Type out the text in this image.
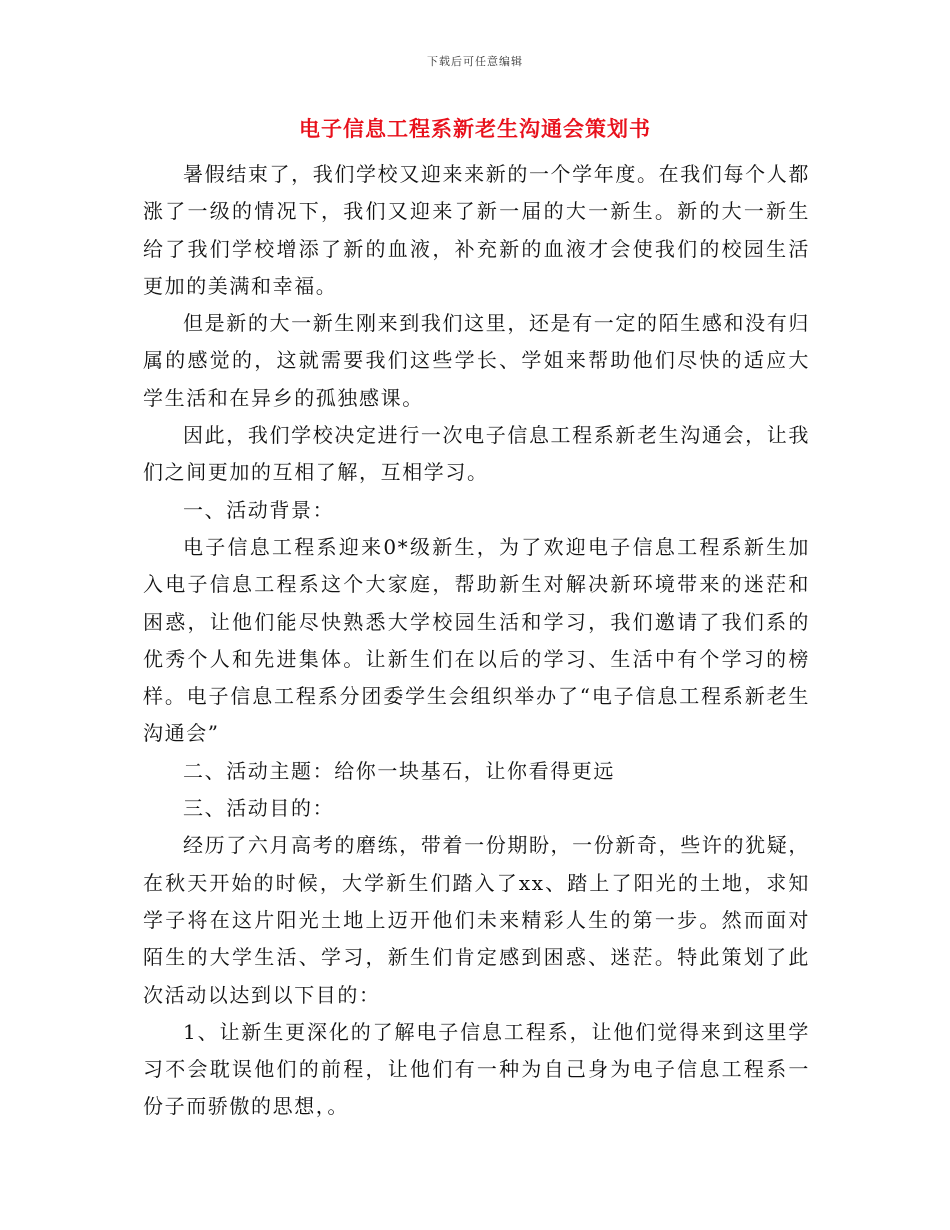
下载后可任意编辑
电子信息工程系新老生沟通会策划书

暑假结束了，我们学校又迎来来新的一个学年度。在我们每个人都涨了一级的情况下，我们又迎来了新一届的大一新生。新的大一新生给了我们学校增添了新的血液，补充新的血液才会使我们的校园生活更加的美满和幸福。

但是新的大一新生刚来到我们这里，还是有一定的陌生感和没有归属的感觉的，这就需要我们这些学长、学姐来帮助他们尽快的适应大学生活和在异乡的孤独感课。

因此，我们学校决定进行一次电子信息工程系新老生沟通会，让我们之间更加的互相了解，互相学习。

一、活动背景：

电子信息工程系迎来0*级新生，为了欢迎电子信息工程系新生加入电子信息工程系这个大家庭，帮助新生对解决新环境带来的迷茫和困惑，让他们能尽快熟悉大学校园生活和学习，我们邀请了我们系的优秀个人和先进集体。让新生们在以后的学习、生活中有个学习的榜样。电子信息工程系分团委学生会组织举办了“电子信息工程系新老生沟通会”

二、活动主题：给你一块基石，让你看得更远

三、活动目的：

经历了六月高考的磨练，带着一份期盼，一份新奇，些许的犹疑，在秋天开始的时候，大学新生们踏入了xx、踏上了阳光的土地，求知学子将在这片阳光土地上迈开他们未来精彩人生的第一步。然而面对陌生的大学生活、学习，新生们肯定感到困惑、迷茫。特此策划了此次活动以达到以下目的：

1、让新生更深化的了解电子信息工程系，让他们觉得来到这里学习不会耽误他们的前程，让他们有一种为自己身为电子信息工程系一份子而骄傲的思想，。
